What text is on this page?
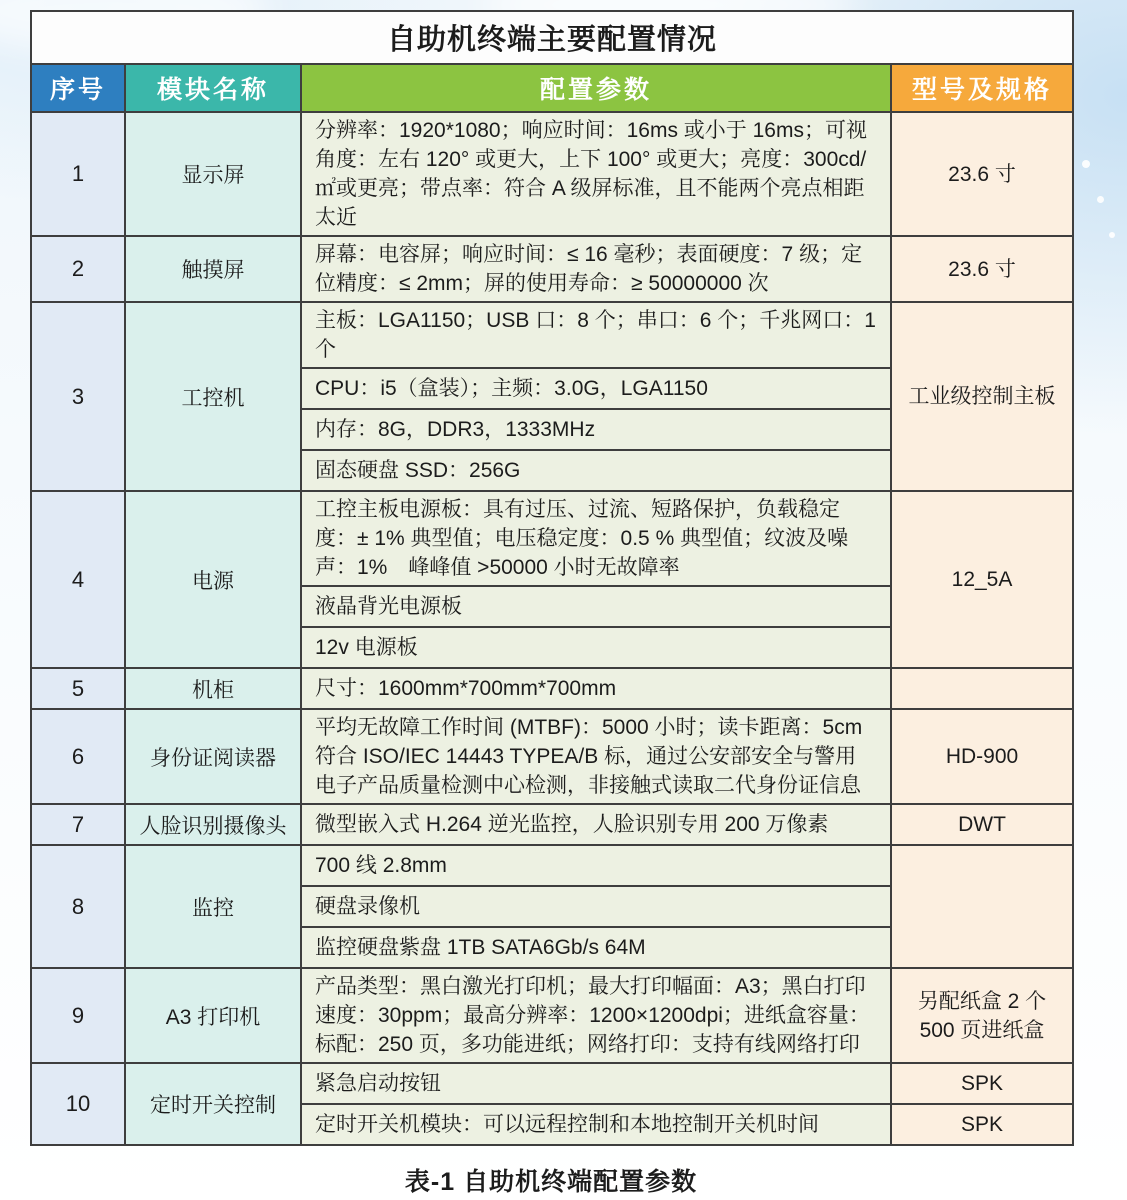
自助机终端主要配置情况			
序号	模块名称	配置参数	型号及规格
1	显示屏	分辨率：1920*1080；响应时间：16ms 或小于 16ms；可视角度：左右 120° 或更大，上下 100° 或更大；亮度：300cd/ ㎡或更亮；带点率：符合 A 级屏标准，且不能两个亮点相距太近	23.6 寸
2	触摸屏	屏幕：电容屏；响应时间：≤ 16 毫秒；表面硬度：7 级；定位精度：≤ 2mm；屏的使用寿命：≥ 50000000 次	23.6 寸
3	工控机	主板：LGA1150；USB 口：8 个；串口：6 个；千兆网口：1 个	工业级控制主板
		CPU：i5（盒装）；主频：3.0G，LGA1150	
		内存：8G，DDR3，1333MHz	
		固态硬盘 SSD：256G	
4	电源	工控主板电源板：具有过压、过流、短路保护，负载稳定度：± 1% 典型值；电压稳定度：0.5 % 典型值；纹波及噪声：1%　峰峰值 >50000 小时无故障率	12_5A
		液晶背光电源板	
		12v 电源板	
5	机柜	尺寸：1600mm*700mm*700mm	
6	身份证阅读器	平均无故障工作时间 (MTBF)：5000 小时；读卡距离：5cm 符合 ISO/IEC 14443 TYPEA/B 标，通过公安部安全与警用电子产品质量检测中心检测，非接触式读取二代身份证信息	HD-900
7	人脸识别摄像头	微型嵌入式 H.264 逆光监控，人脸识别专用 200 万像素	DWT
8	监控	700 线 2.8mm	
		硬盘录像机	
		监控硬盘紫盘 1TB SATA6Gb/s 64M	
9	A3 打印机	产品类型：黑白激光打印机；最大打印幅面：A3；黑白打印速度：30ppm；最高分辨率：1200×1200dpi；进纸盒容量：标配：250 页，多功能进纸；网络打印：支持有线网络打印	另配纸盒 2 个 500 页进纸盒
10	定时开关控制	紧急启动按钮	SPK
		定时开关机模块：可以远程控制和本地控制开关机时间	SPK
表-1 自助机终端配置参数
